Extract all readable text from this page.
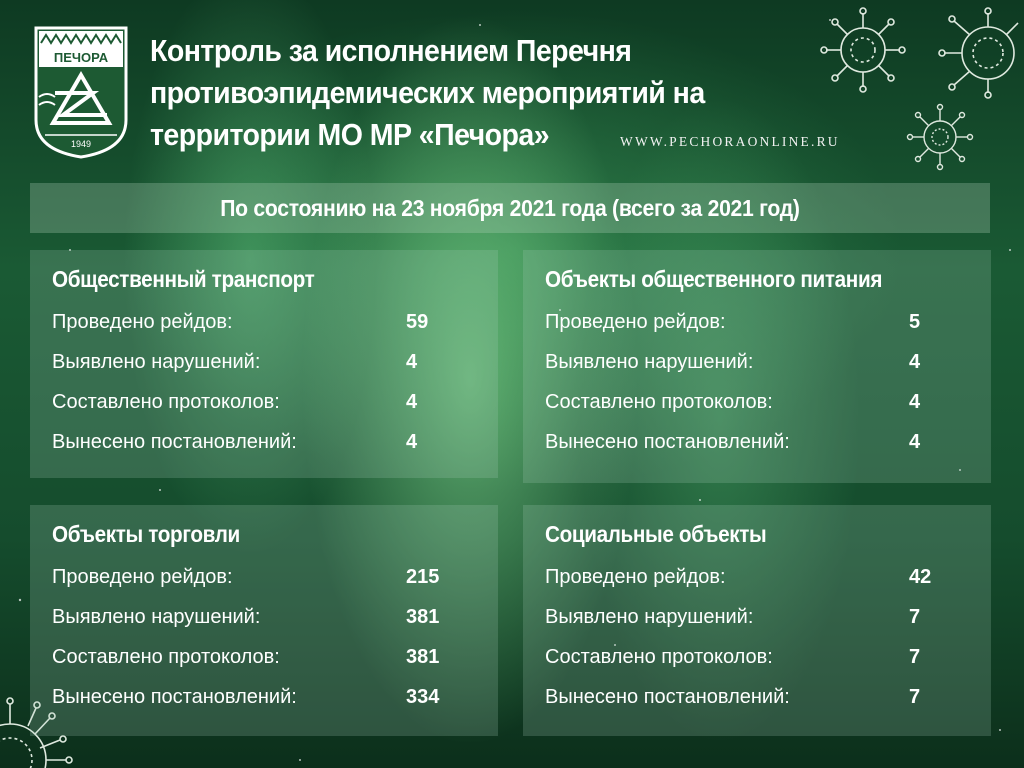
ПЕЧОРА
1949
Контроль за исполнением Перечня противоэпидемических мероприятий на территории МО МР «Печора»	WWW.PECHORAONLINE.RU
По состоянию на 23 ноября 2021 года (всего за 2021 год)
Общественный транспорт
Проведено рейдов:	59
Выявлено нарушений:	4
Составлено протоколов:	4
Вынесено постановлений:	4
Объекты общественного питания
Проведено рейдов:	5
Выявлено нарушений:	4
Составлено протоколов:	4
Вынесено постановлений:	4
Объекты торговли
Проведено рейдов:	215
Выявлено нарушений:	381
Составлено протоколов:	381
Вынесено постановлений:	334
Социальные объекты
Проведено рейдов:	42
Выявлено нарушений:	7
Составлено протоколов:	7
Вынесено постановлений:	7
